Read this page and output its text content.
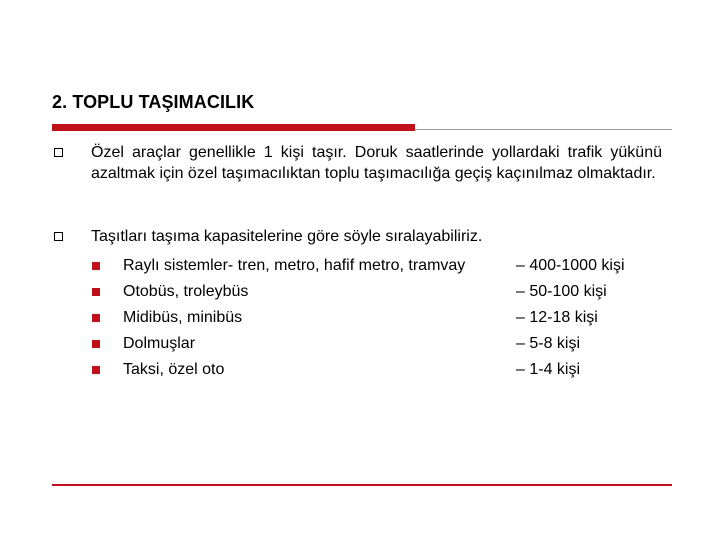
2. TOPLU TAŞIMACILIK
Özel araçlar genellikle 1 kişi taşır. Doruk saatlerinde yollardaki trafik yükünü azaltmak için özel taşımacılıktan toplu taşımacılığa geçiş kaçınılmaz olmaktadır.
Taşıtları taşıma kapasitelerine göre söyle sıralayabiliriz.
Raylı sistemler- tren, metro, hafif metro, tramvay	– 400-1000 kişi
Otobüs, troleybüs	– 50-100 kişi
Midibüs, minibüs	– 12-18 kişi
Dolmuşlar	– 5-8 kişi
Taksi, özel oto	– 1-4 kişi
